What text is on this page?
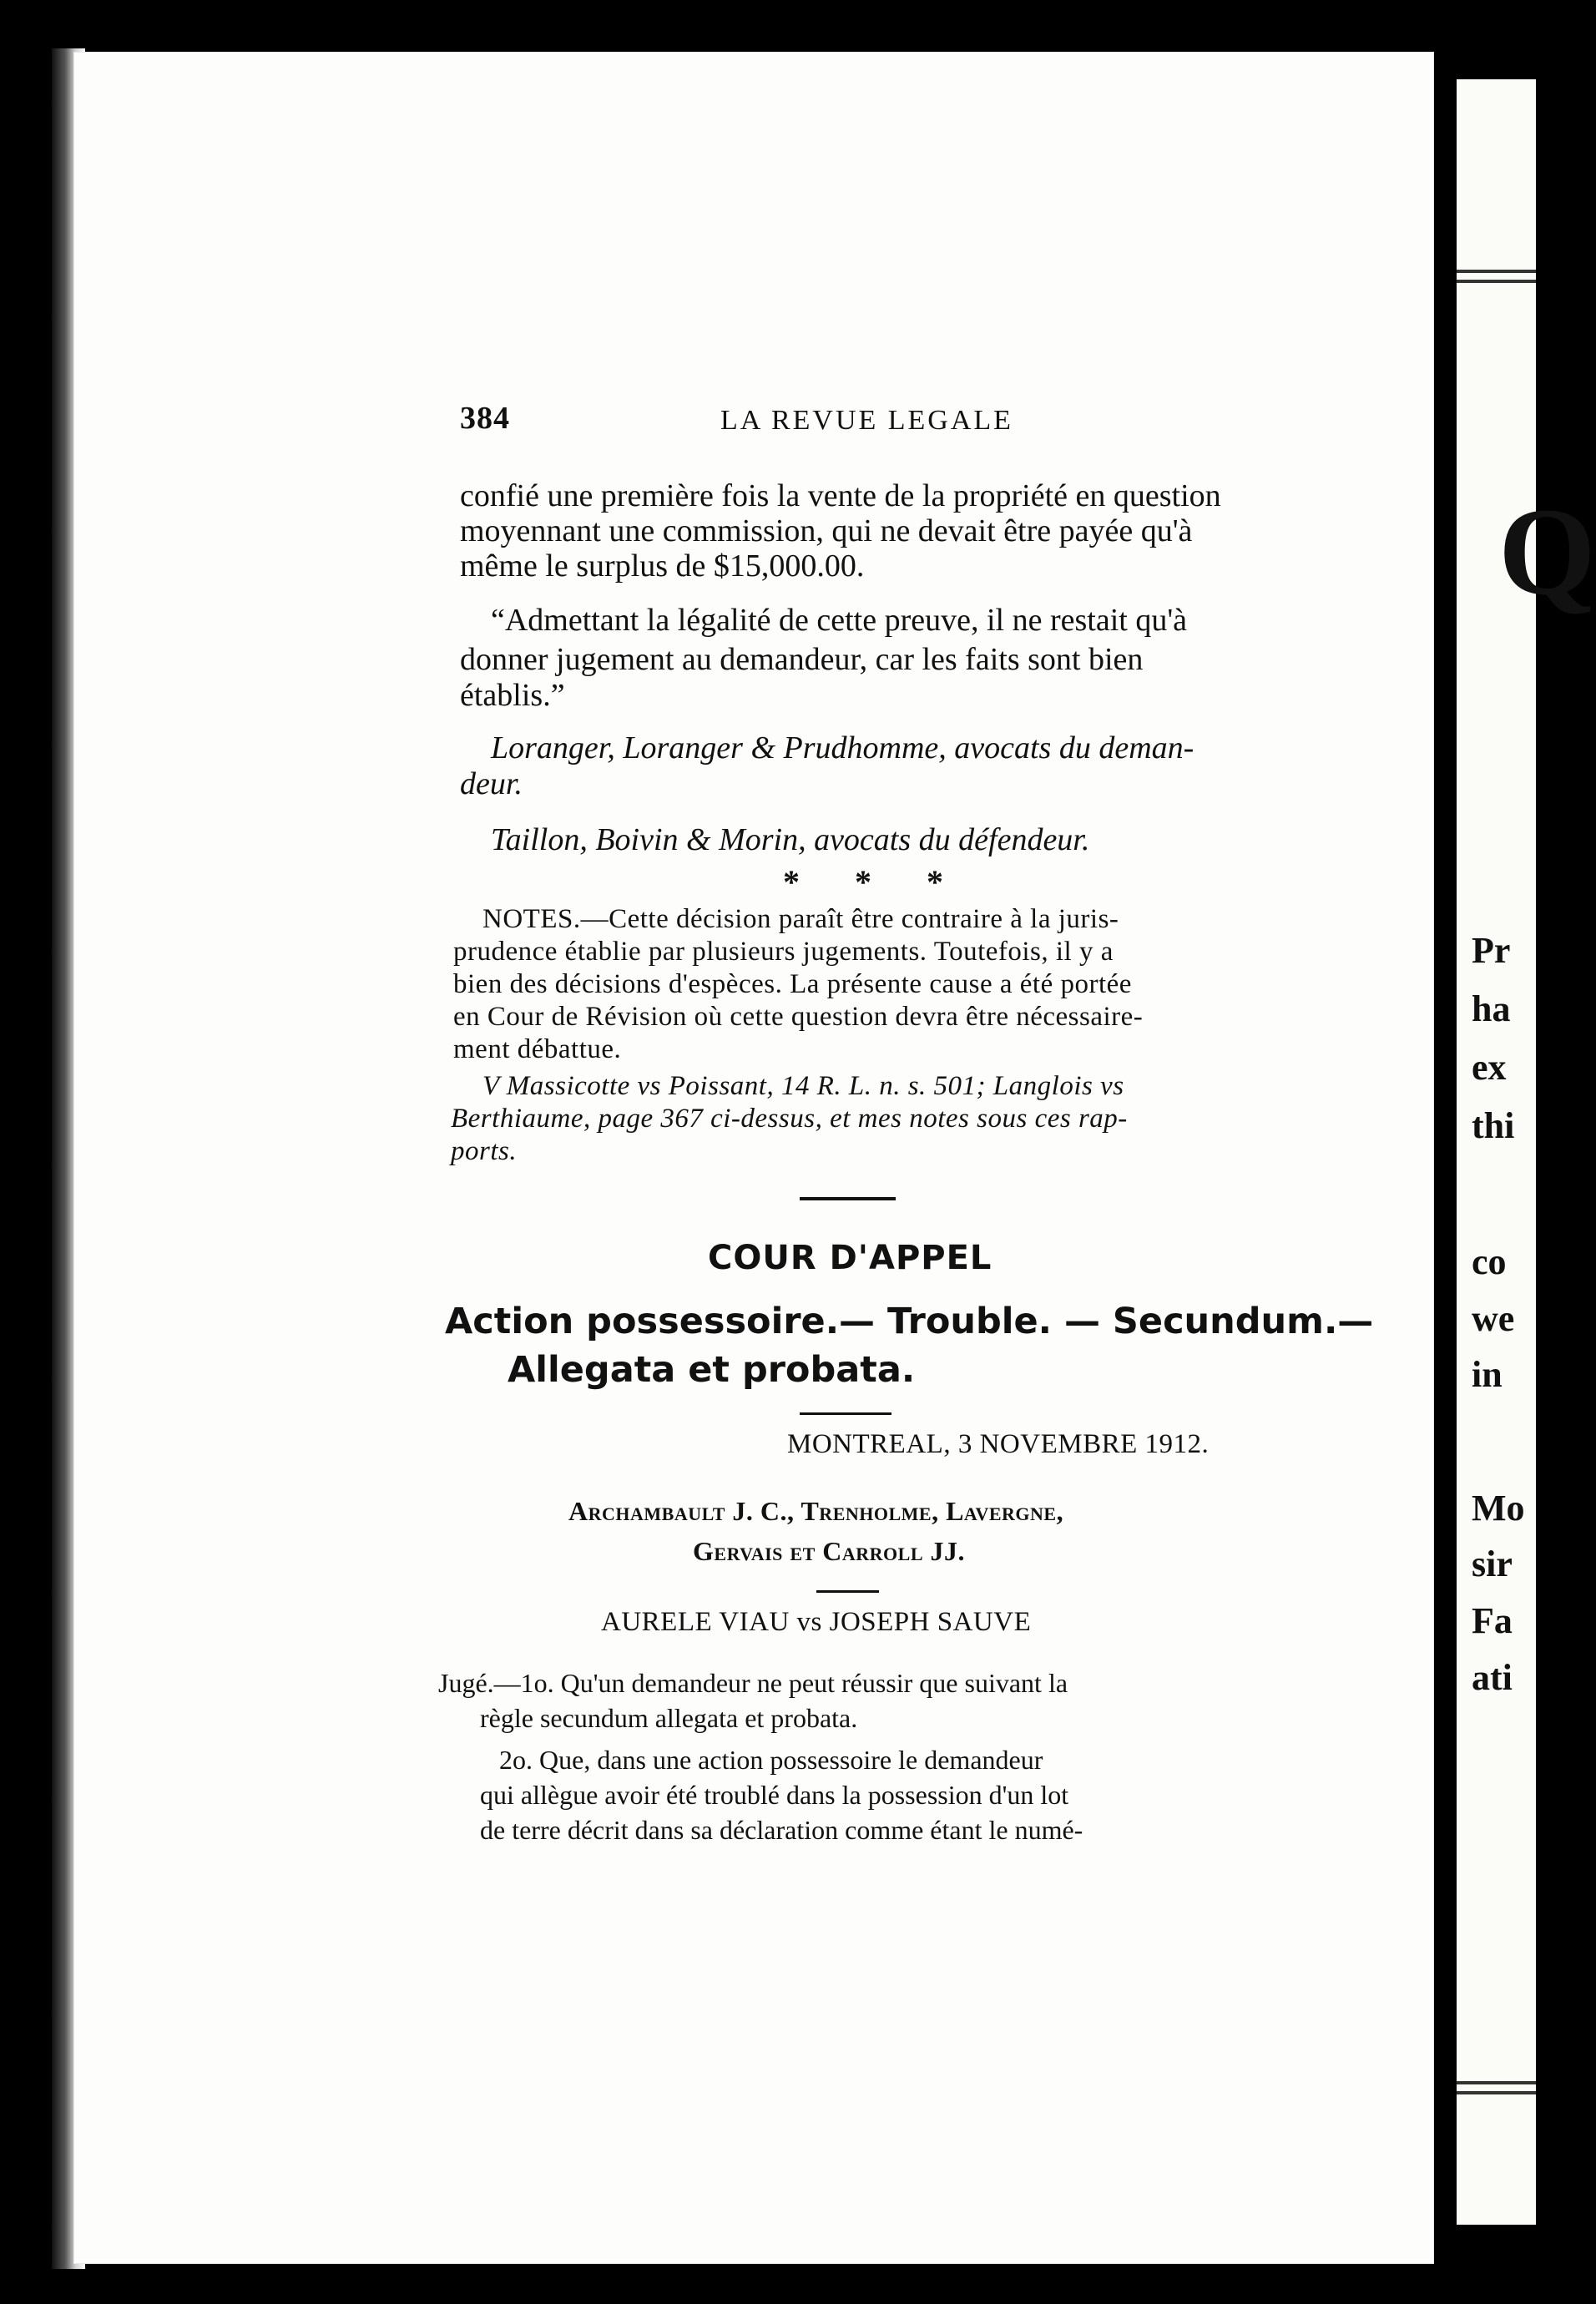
384	LA REVUE LEGALE
confié une première fois la vente de la propriété en question
moyennant une commission, qui ne devait être payée qu'à
même le surplus de $15,000.00.
“Admettant la légalité de cette preuve, il ne restait qu'à
donner jugement au demandeur, car les faits sont bien
établis.”
Loranger, Loranger & Prudhomme, avocats du deman-
deur.
Taillon, Boivin & Morin, avocats du défendeur.
* * *
NOTES.—Cette décision paraît être contraire à la juris-
prudence établie par plusieurs jugements. Toutefois, il y a
bien des décisions d'espèces. La présente cause a été portée
en Cour de Révision où cette question devra être nécessaire-
ment débattue.
V Massicotte vs Poissant, 14 R. L. n. s. 501; Langlois vs
Berthiaume, page 367 ci-dessus, et mes notes sous ces rap-
ports.
COUR D'APPEL
Action possessoire.— Trouble. — Secundum.—
Allegata et probata.
MONTREAL, 3 NOVEMBRE 1912.
Archambault J. C., Trenholme, Lavergne,
Gervais et Carroll JJ.
AURELE VIAU vs JOSEPH SAUVE
Jugé.—1o. Qu'un demandeur ne peut réussir que suivant la
règle secundum allegata et probata.
2o. Que, dans une action possessoire le demandeur
qui allègue avoir été troublé dans la possession d'un lot
de terre décrit dans sa déclaration comme étant le numé-
Q
Pr
ha
ex
thi
co
we
in
Mo
sir
Fa
ati
